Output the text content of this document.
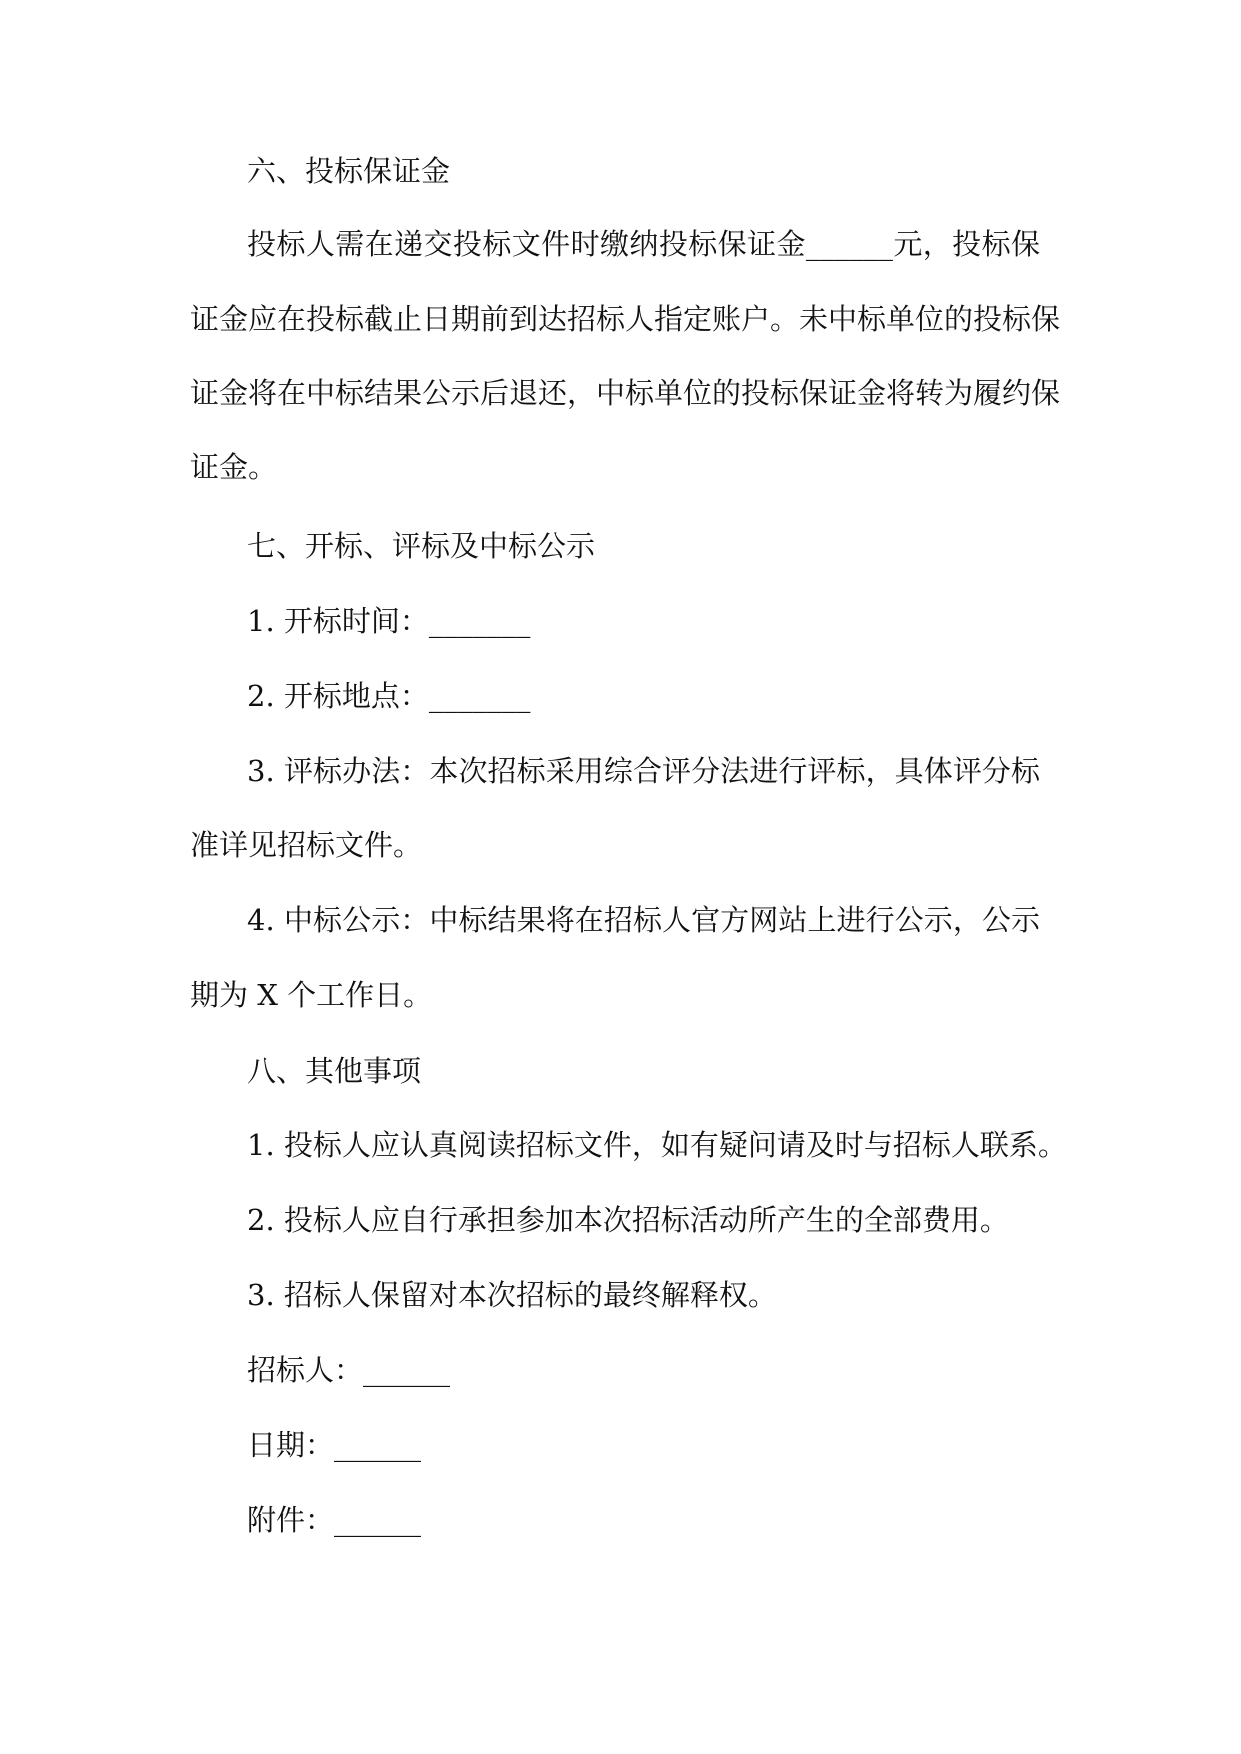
六、投标保证金
投标人需在递交投标文件时缴纳投标保证金______元，投标保
证金应在投标截止日期前到达招标人指定账户。未中标单位的投标保
证金将在中标结果公示后退还，中标单位的投标保证金将转为履约保
证金。
七、开标、评标及中标公示
1. 开标时间：_______
2. 开标地点：_______
3. 评标办法：本次招标采用综合评分法进行评标，具体评分标
准详见招标文件。
4. 中标公示：中标结果将在招标人官方网站上进行公示，公示
期为 X 个工作日。
八、其他事项
1. 投标人应认真阅读招标文件，如有疑问请及时与招标人联系。
2. 投标人应自行承担参加本次招标活动所产生的全部费用。
3. 招标人保留对本次招标的最终解释权。
招标人：______
日期：______
附件：______
